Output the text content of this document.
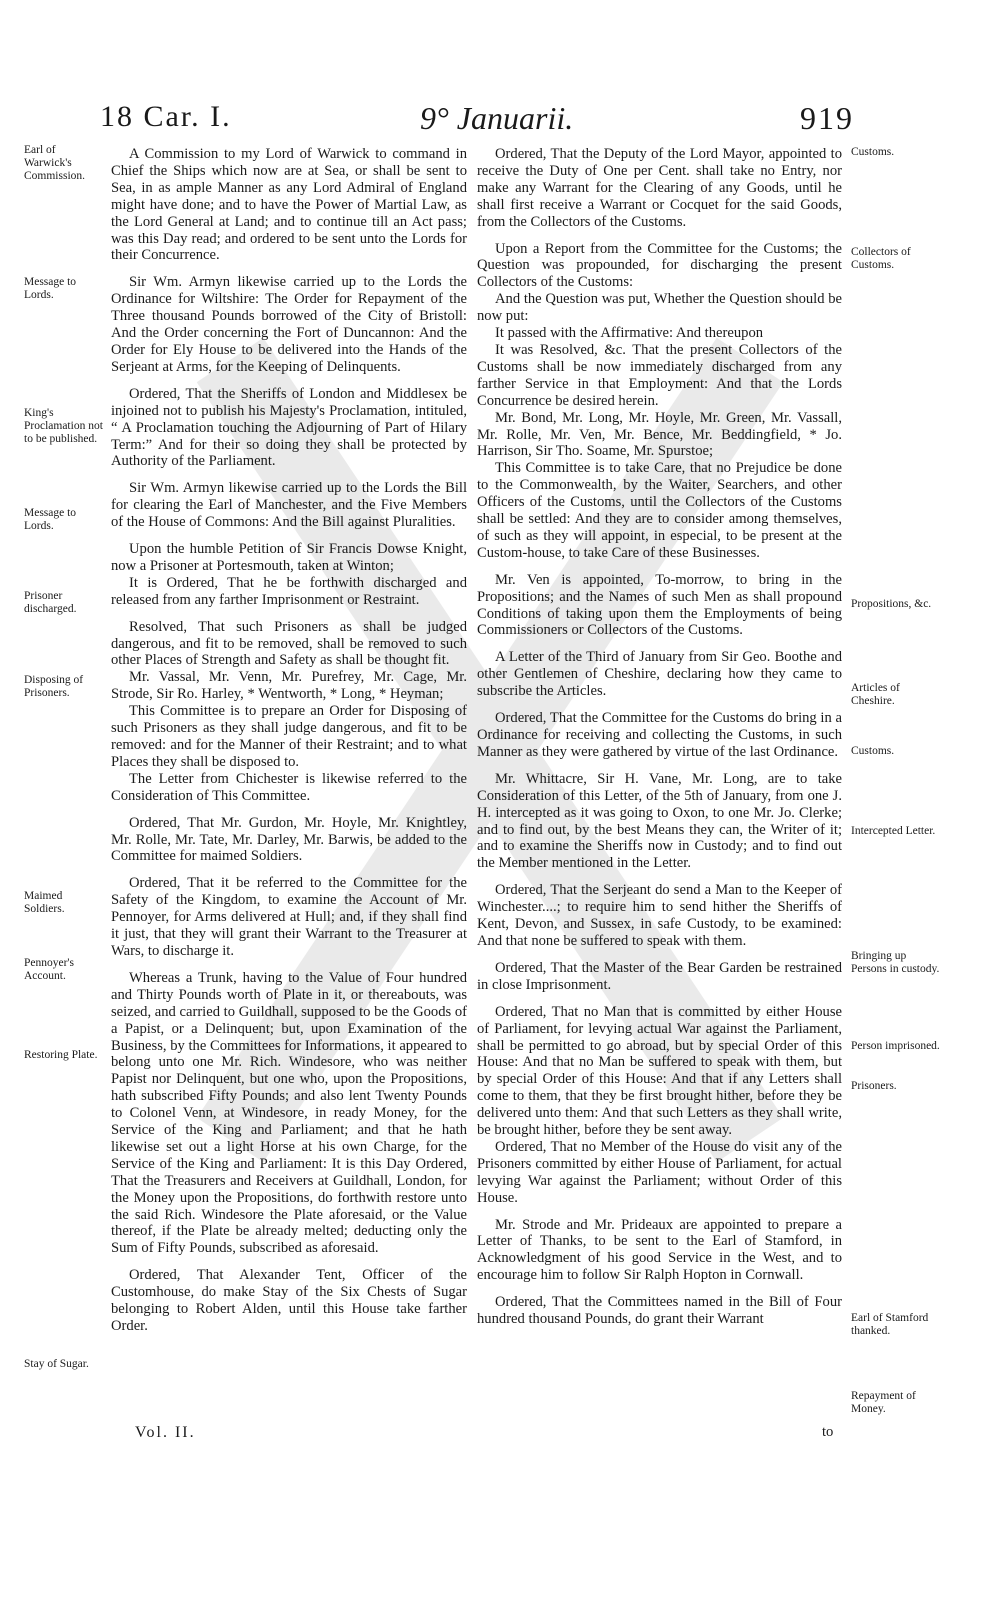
18 Car. I.	9° Januarii.	919
Earl of Warwick's Commission.
Message to Lords.
King's Proclamation not to be published.
Message to Lords.
Prisoner discharged.
Disposing of Prisoners.
Maimed Soldiers.
Pennoyer's Account.
Restoring Plate.
Stay of Sugar.

A Commission to my Lord of Warwick to command in Chief the Ships which now are at Sea, or shall be sent to Sea, in as ample Manner as any Lord Admiral of England might have done; and to have the Power of Martial Law, as the Lord General at Land; and to continue till an Act pass; was this Day read; and ordered to be sent unto the Lords for their Concurrence.

Sir Wm. Armyn likewise carried up to the Lords the Ordinance for Wiltshire: The Order for Repayment of the Three thousand Pounds borrowed of the City of Bristoll: And the Order concerning the Fort of Duncannon: And the Order for Ely House to be delivered into the Hands of the Serjeant at Arms, for the Keeping of Delinquents.

Ordered, That the Sheriffs of London and Middlesex be injoined not to publish his Majesty's Proclamation, intituled, “ A Proclamation touching the Adjourning of Part of Hilary Term:” And for their so doing they shall be protected by Authority of the Parliament.

Sir Wm. Armyn likewise carried up to the Lords the Bill for clearing the Earl of Manchester, and the Five Members of the House of Commons: And the Bill against Pluralities.

Upon the humble Petition of Sir Francis Dowse Knight, now a Prisoner at Portesmouth, taken at Winton;

It is Ordered, That he be forthwith discharged and released from any farther Imprisonment or Restraint.

Resolved, That such Prisoners as shall be judged dangerous, and fit to be removed, shall be removed to such other Places of Strength and Safety as shall be thought fit.

Mr. Vassal, Mr. Venn, Mr. Purefrey, Mr. Cage, Mr. Strode, Sir Ro. Harley, * Wentworth, * Long, * Heyman;

This Committee is to prepare an Order for Disposing of such Prisoners as they shall judge dangerous, and fit to be removed: and for the Manner of their Restraint; and to what Places they shall be disposed to.

The Letter from Chichester is likewise referred to the Consideration of This Committee.

Ordered, That Mr. Gurdon, Mr. Hoyle, Mr. Knightley, Mr. Rolle, Mr. Tate, Mr. Darley, Mr. Barwis, be added to the Committee for maimed Soldiers.

Ordered, That it be referred to the Committee for the Safety of the Kingdom, to examine the Account of Mr. Pennoyer, for Arms delivered at Hull; and, if they shall find it just, that they will grant their Warrant to the Treasurer at Wars, to discharge it.

Whereas a Trunk, having to the Value of Four hundred and Thirty Pounds worth of Plate in it, or thereabouts, was seized, and carried to Guildhall, supposed to be the Goods of a Papist, or a Delinquent; but, upon Examination of the Business, by the Committees for Informations, it appeared to belong unto one Mr. Rich. Windesore, who was neither Papist nor Delinquent, but one who, upon the Propositions, hath subscribed Fifty Pounds; and also lent Twenty Pounds to Colonel Venn, at Windesore, in ready Money, for the Service of the King and Parliament; and that he hath likewise set out a light Horse at his own Charge, for the Service of the King and Parliament: It is this Day Ordered, That the Treasurers and Receivers at Guildhall, London, for the Money upon the Propositions, do forthwith restore unto the said Rich. Windesore the Plate aforesaid, or the Value thereof, if the Plate be already melted; deducting only the Sum of Fifty Pounds, subscribed as aforesaid.

Ordered, That Alexander Tent, Officer of the Customhouse, do make Stay of the Six Chests of Sugar belonging to Robert Alden, until this House take farther Order.

Ordered, That the Deputy of the Lord Mayor, appointed to receive the Duty of One per Cent. shall take no Entry, nor make any Warrant for the Clearing of any Goods, until he shall first receive a Warrant or Cocquet for the said Goods, from the Collectors of the Customs.

Upon a Report from the Committee for the Customs; the Question was propounded, for discharging the present Collectors of the Customs:

And the Question was put, Whether the Question should be now put:

It passed with the Affirmative: And thereupon

It was Resolved, &c. That the present Collectors of the Customs shall be now immediately discharged from any farther Service in that Employment: And that the Lords Concurrence be desired herein.

Mr. Bond, Mr. Long, Mr. Hoyle, Mr. Green, Mr. Vassall, Mr. Rolle, Mr. Ven, Mr. Bence, Mr. Beddingfield, * Jo. Harrison, Sir Tho. Soame, Mr. Spurstoe;

This Committee is to take Care, that no Prejudice be done to the Commonwealth, by the Waiter, Searchers, and other Officers of the Customs, until the Collectors of the Customs shall be settled: And they are to consider among themselves, of such as they will appoint, in especial, to be present at the Custom-house, to take Care of these Businesses.

Mr. Ven is appointed, To-morrow, to bring in the Propositions; and the Names of such Men as shall propound Conditions of taking upon them the Employments of being Commissioners or Collectors of the Customs.

A Letter of the Third of January from Sir Geo. Boothe and other Gentlemen of Cheshire, declaring how they came to subscribe the Articles.

Ordered, That the Committee for the Customs do bring in a Ordinance for receiving and collecting the Customs, in such Manner as they were gathered by virtue of the last Ordinance.

Mr. Whittacre, Sir H. Vane, Mr. Long, are to take Consideration of this Letter, of the 5th of January, from one J. H. intercepted as it was going to Oxon, to one Mr. Jo. Clerke; and to find out, by the best Means they can, the Writer of it; and to examine the Sheriffs now in Custody; and to find out the Member mentioned in the Letter.

Ordered, That the Serjeant do send a Man to the Keeper of Winchester....; to require him to send hither the Sheriffs of Kent, Devon, and Sussex, in safe Custody, to be examined: And that none be suffered to speak with them.

Ordered, That the Master of the Bear Garden be restrained in close Imprisonment.

Ordered, That no Man that is committed by either House of Parliament, for levying actual War against the Parliament, shall be permitted to go abroad, but by special Order of this House: And that no Man be suffered to speak with them, but by special Order of this House: And that if any Letters shall come to them, that they be first brought hither, before they be delivered unto them: And that such Letters as they shall write, be brought hither, before they be sent away.

Ordered, That no Member of the House do visit any of the Prisoners committed by either House of Parliament, for actual levying War against the Parliament; without Order of this House.

Mr. Strode and Mr. Prideaux are appointed to prepare a Letter of Thanks, to be sent to the Earl of Stamford, in Acknowledgment of his good Service in the West, and to encourage him to follow Sir Ralph Hopton in Cornwall.

Ordered, That the Committees named in the Bill of Four hundred thousand Pounds, do grant their Warrant

Customs.
Collectors of Customs.
Propositions, &c.
Articles of Cheshire.
Customs.
Intercepted Letter.
Bringing up Persons in custody.
Person imprisoned.
Prisoners.
Earl of Stamford thanked.
Repayment of Money.
Vol. II.	to
